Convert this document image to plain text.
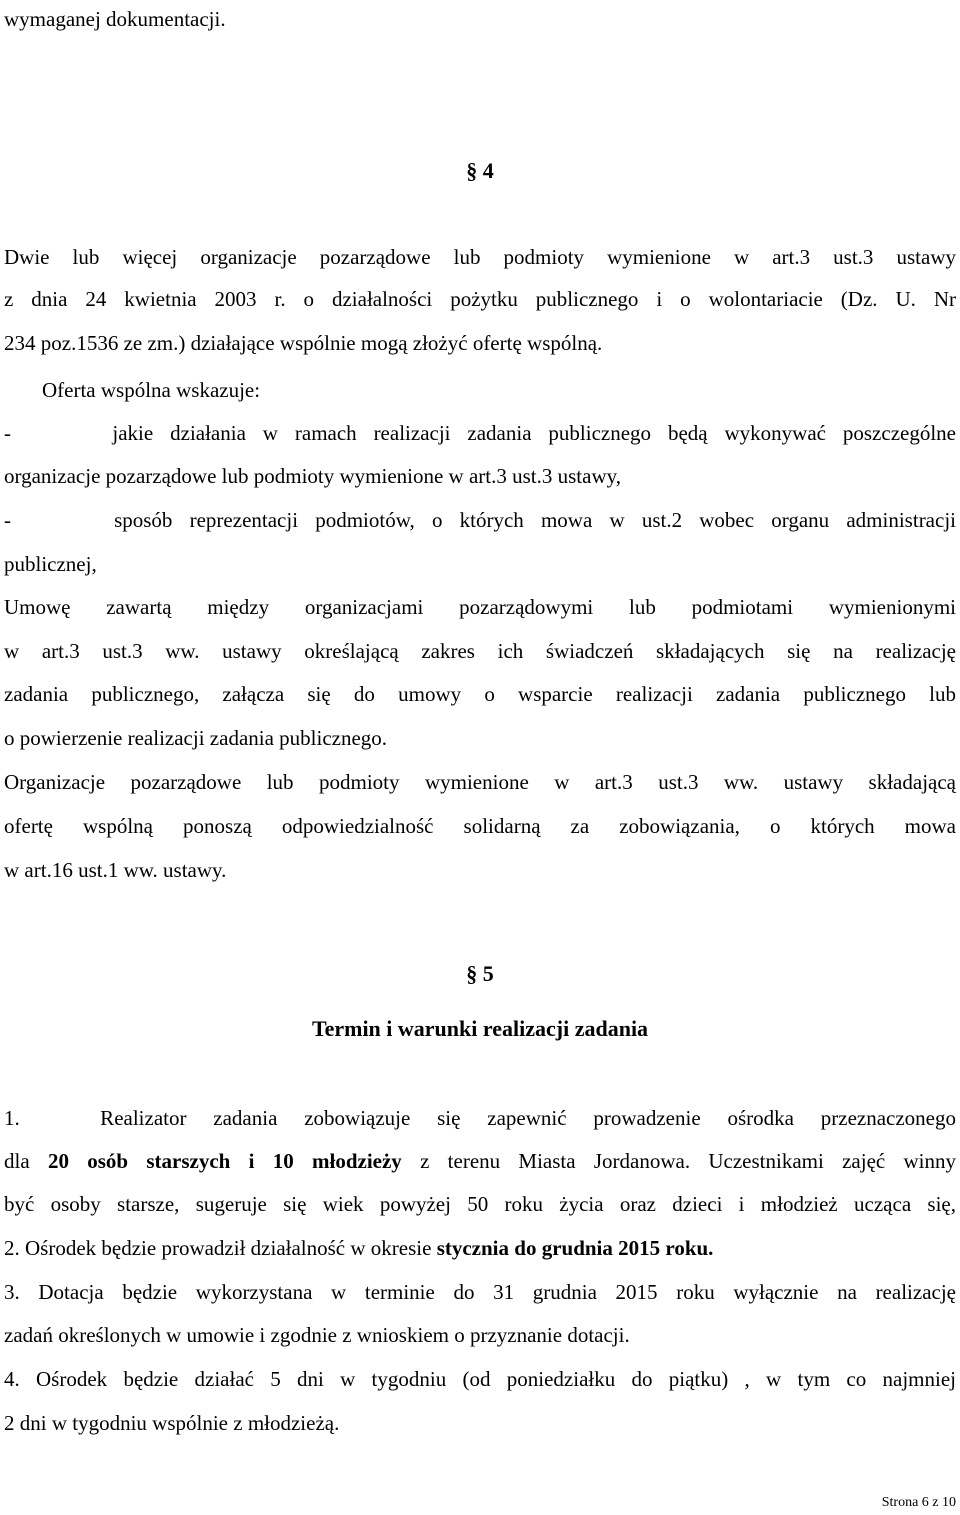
wymaganej dokumentacji.
§ 4
Dwie lub więcej organizacje pozarządowe lub podmioty wymienione w art.3 ust.3 ustawy
z dnia 24 kwietnia 2003 r. o działalności pożytku publicznego i o wolontariacie (Dz. U. Nr
234 poz.1536 ze zm.) działające wspólnie mogą złożyć ofertę wspólną.
Oferta wspólna wskazuje:
-      jakie działania w ramach realizacji zadania publicznego będą wykonywać poszczególne
organizacje pozarządowe lub podmioty wymienione w art.3 ust.3 ustawy,
-      sposób reprezentacji podmiotów, o których mowa w ust.2 wobec organu administracji
publicznej,
Umowę zawartą między organizacjami pozarządowymi lub podmiotami wymienionymi
w art.3 ust.3 ww. ustawy określającą zakres ich świadczeń składających się na realizację
zadania publicznego, załącza się do umowy o wsparcie realizacji zadania publicznego lub
o powierzenie realizacji zadania publicznego.
Organizacje pozarządowe lub podmioty wymienione w art.3 ust.3 ww. ustawy składającą
ofertę wspólną ponoszą odpowiedzialność solidarną za zobowiązania, o których mowa
w art.16 ust.1 ww. ustawy.
§ 5
Termin i warunki realizacji zadania
1.   Realizator zadania zobowiązuje się zapewnić prowadzenie ośrodka przeznaczonego
dla 20 osób starszych i 10 młodzieży z terenu Miasta Jordanowa. Uczestnikami zajęć winny
być osoby starsze, sugeruje się wiek powyżej 50 roku życia oraz dzieci i młodzież ucząca się,
2. Ośrodek będzie prowadził działalność w okresie stycznia do grudnia 2015 roku.
3. Dotacja będzie wykorzystana w terminie do 31 grudnia 2015 roku wyłącznie na realizację
zadań określonych w umowie i zgodnie z wnioskiem o przyznanie dotacji.
4. Ośrodek będzie działać 5 dni w tygodniu (od poniedziałku do piątku) , w tym co najmniej
2 dni w tygodniu wspólnie z młodzieżą.
Strona 6 z 10
